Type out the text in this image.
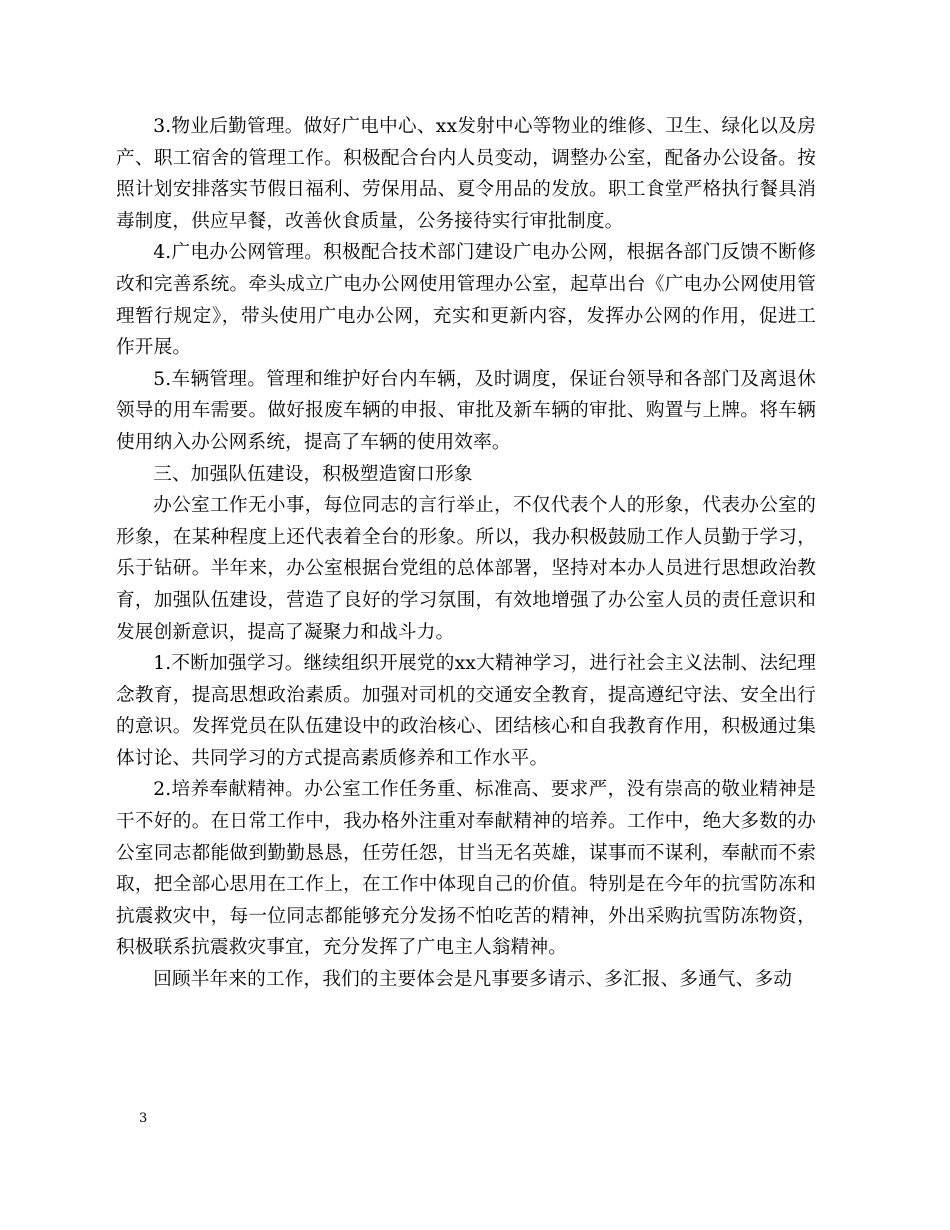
3.物业后勤管理。做好广电中心、xx发射中心等物业的维修、卫生、绿化以及房产、职工宿舍的管理工作。积极配合台内人员变动，调整办公室，配备办公设备。按照计划安排落实节假日福利、劳保用品、夏令用品的发放。职工食堂严格执行餐具消毒制度，供应早餐，改善伙食质量，公务接待实行审批制度。

4.广电办公网管理。积极配合技术部门建设广电办公网，根据各部门反馈不断修改和完善系统。牵头成立广电办公网使用管理办公室，起草出台《广电办公网使用管理暂行规定》，带头使用广电办公网，充实和更新内容，发挥办公网的作用，促进工作开展。

5.车辆管理。管理和维护好台内车辆，及时调度，保证台领导和各部门及离退休领导的用车需要。做好报废车辆的申报、审批及新车辆的审批、购置与上牌。将车辆使用纳入办公网系统，提高了车辆的使用效率。

三、加强队伍建设，积极塑造窗口形象

办公室工作无小事，每位同志的言行举止，不仅代表个人的形象，代表办公室的形象，在某种程度上还代表着全台的形象。所以，我办积极鼓励工作人员勤于学习，乐于钻研。半年来，办公室根据台党组的总体部署，坚持对本办人员进行思想政治教育，加强队伍建设，营造了良好的学习氛围，有效地增强了办公室人员的责任意识和发展创新意识，提高了凝聚力和战斗力。

1.不断加强学习。继续组织开展党的xx大精神学习，进行社会主义法制、法纪理念教育，提高思想政治素质。加强对司机的交通安全教育，提高遵纪守法、安全出行的意识。发挥党员在队伍建设中的政治核心、团结核心和自我教育作用，积极通过集体讨论、共同学习的方式提高素质修养和工作水平。

2.培养奉献精神。办公室工作任务重、标准高、要求严，没有崇高的敬业精神是干不好的。在日常工作中，我办格外注重对奉献精神的培养。工作中，绝大多数的办公室同志都能做到勤勤恳恳，任劳任怨，甘当无名英雄，谋事而不谋利，奉献而不索取，把全部心思用在工作上，在工作中体现自己的价值。特别是在今年的抗雪防冻和抗震救灾中，每一位同志都能够充分发扬不怕吃苦的精神，外出采购抗雪防冻物资，积极联系抗震救灾事宜，充分发挥了广电主人翁精神。

回顾半年来的工作，我们的主要体会是凡事要多请示、多汇报、多通气、多动

3
